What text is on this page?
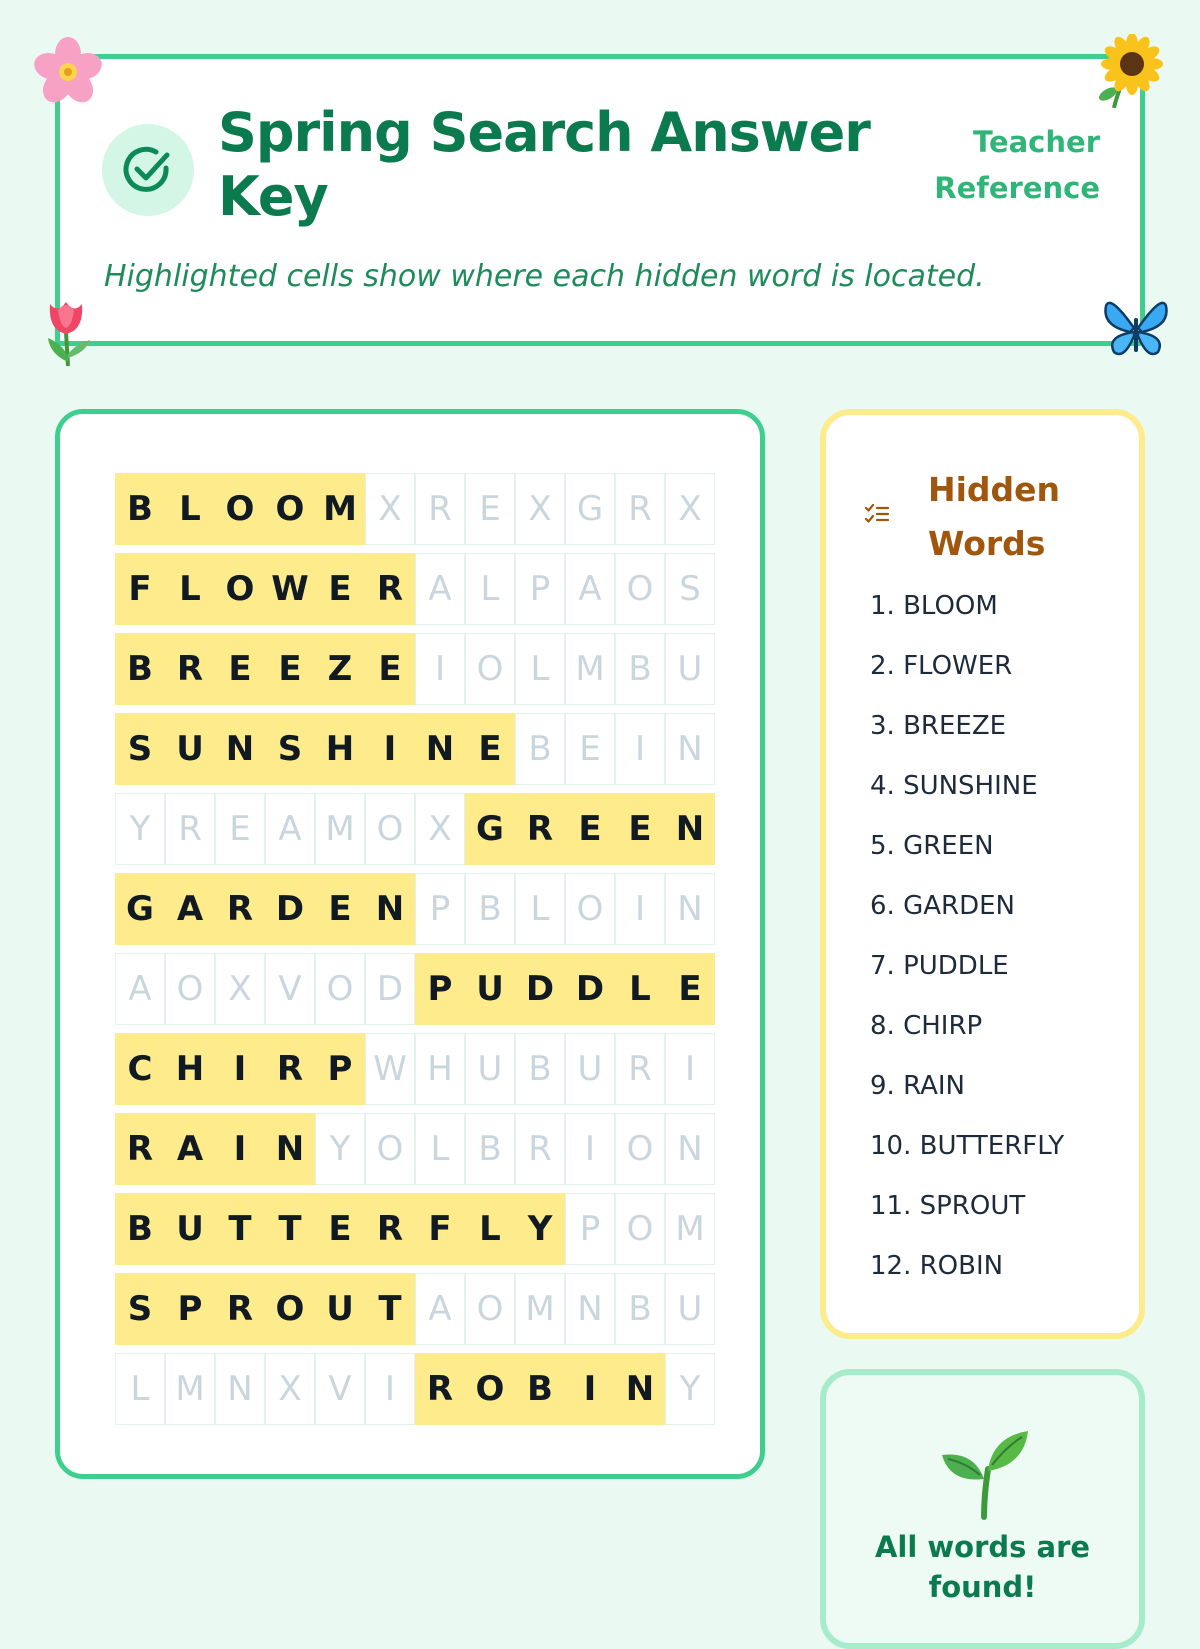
Spring Search Answer Key
Teacher Reference
Highlighted cells show where each hidden word is located.
B L O O M X R E X G R X
F L O W E R A L P A O S
B R E E Z E I O L M B U
S U N S H I N E B E	I N
Y R E A M O X G R E E N
G A R D E N P B L O I N
A O X V O D P U D D L E
C H I R P W H U B U R I
R A I N Y O L B R I O N
B U T T E R F L Y P O M
S P R O U T A O M N B U
L M N X V I R O B I N Y
Hidden Words
1. BLOOM
2. FLOWER
3. BREEZE
4. SUNSHINE
5. GREEN
6. GARDEN
7. PUDDLE
8. CHIRP
9. RAIN
10. BUTTERFLY
11. SPROUT
12. ROBIN
All words are found!
